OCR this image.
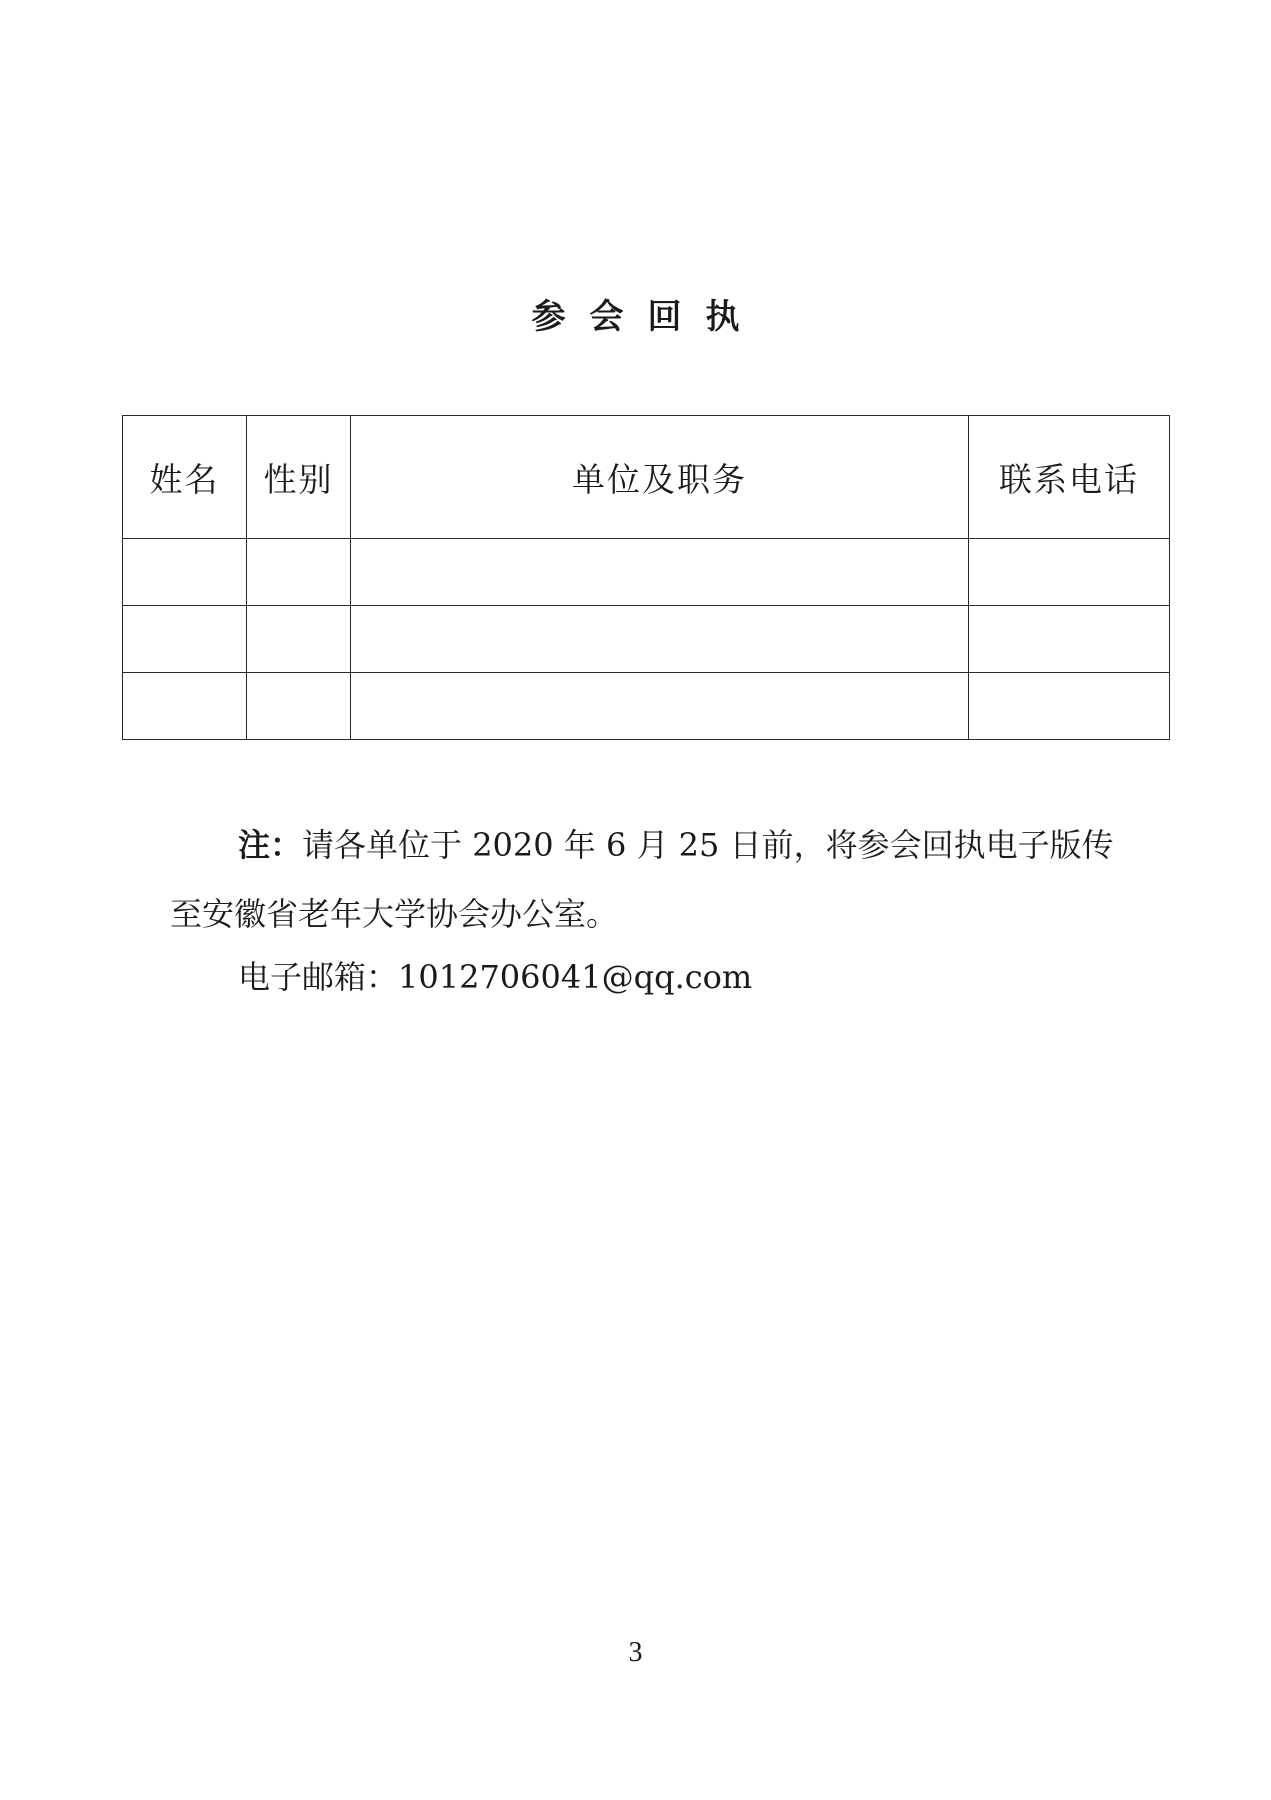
参会回执
姓名	性别	单位及职务	联系电话

注：请各单位于 2020 年 6 月 25 日前，将参会回执电子版传
至安徽省老年大学协会办公室。
电子邮箱：1012706041@qq.com
3
